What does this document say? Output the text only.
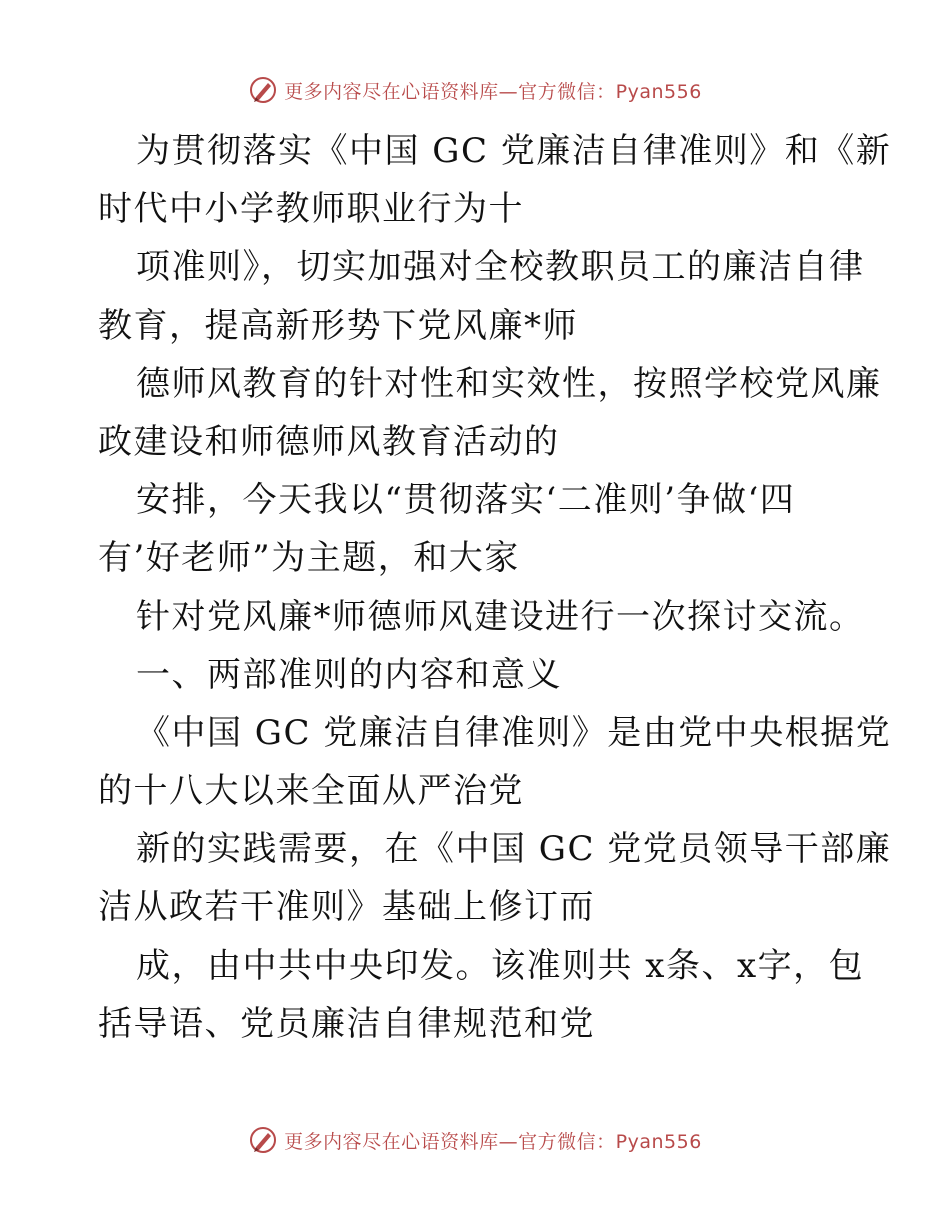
更多内容尽在心语资料库—官方微信：Pyan556
为贯彻落实《中国 GC 党廉洁自律准则》和《新
时代中小学教师职业行为十
项准则》，切实加强对全校教职员工的廉洁自律
教育，提高新形势下党风廉*师
德师风教育的针对性和实效性，按照学校党风廉
政建设和师德师风教育活动的
安排，今天我以“贯彻落实‘二准则’争做‘四
有’好老师”为主题，和大家
针对党风廉*师德师风建设进行一次探讨交流。
一、两部准则的内容和意义
《中国 GC 党廉洁自律准则》是由党中央根据党
的十八大以来全面从严治党
新的实践需要，在《中国 GC 党党员领导干部廉
洁从政若干准则》基础上修订而
成，由中共中央印发。该准则共 x条、x字，包
括导语、党员廉洁自律规范和党
更多内容尽在心语资料库—官方微信：Pyan556
